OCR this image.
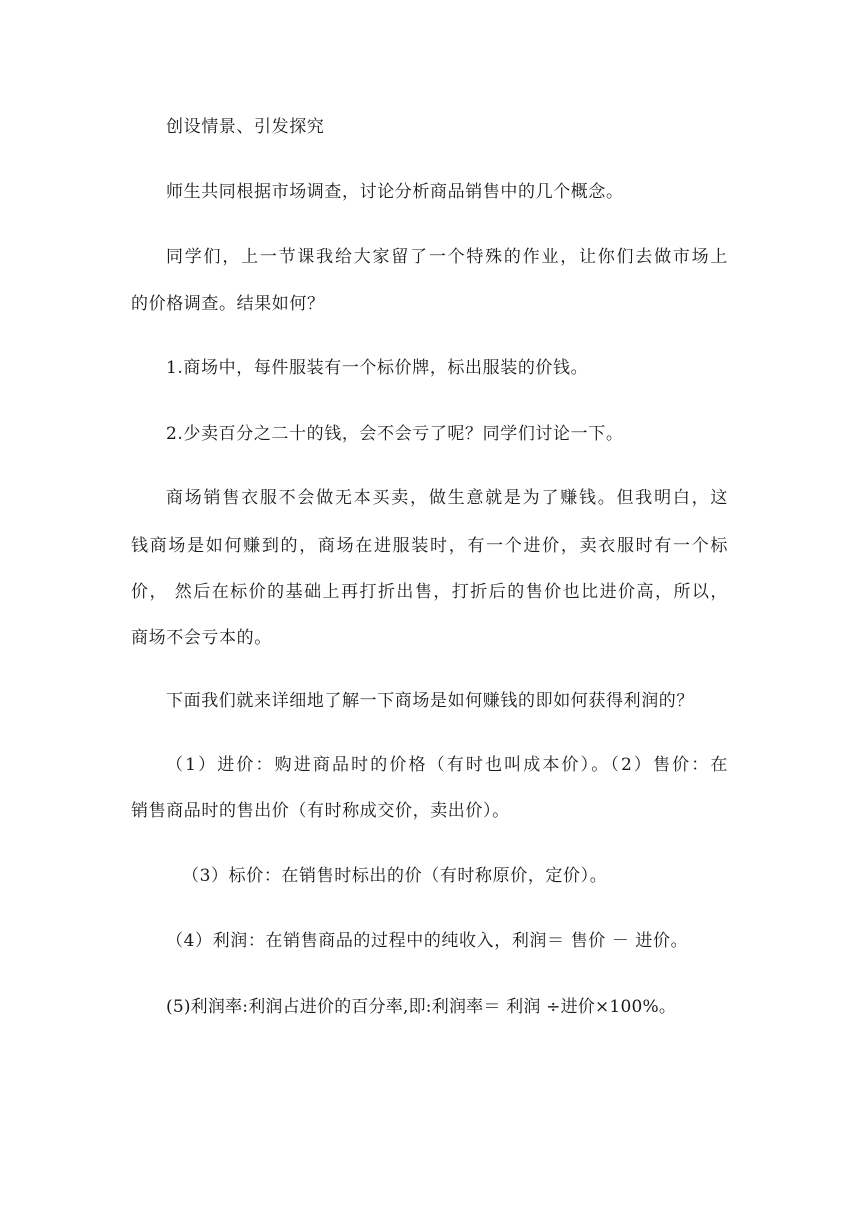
创设情景、引发探究
师生共同根据市场调查，讨论分析商品销售中的几个概念。
同学们，上一节课我给大家留了一个特殊的作业，让你们去做市场上
的价格调查。结果如何？
1.商场中，每件服装有一个标价牌，标出服装的价钱。
2.少卖百分之二十的钱，会不会亏了呢？同学们讨论一下。
商场销售衣服不会做无本买卖，做生意就是为了赚钱。但我明白，这
钱商场是如何赚到的，商场在进服装时，有一个进价，卖衣服时有一个标
价， 然后在标价的基础上再打折出售，打折后的售价也比进价高，所以，
商场不会亏本的。
下面我们就来详细地了解一下商场是如何赚钱的即如何获得利润的？
（1）进价：购进商品时的价格（有时也叫成本价）。（2）售价：在
销售商品时的售出价（有时称成交价，卖出价）。
（3）标价：在销售时标出的价（有时称原价，定价）。
（4）利润：在销售商品的过程中的纯收入，利润＝ 售价 － 进价。
(5)利润率:利润占进价的百分率,即:利润率＝ 利润 ÷进价×100%。
